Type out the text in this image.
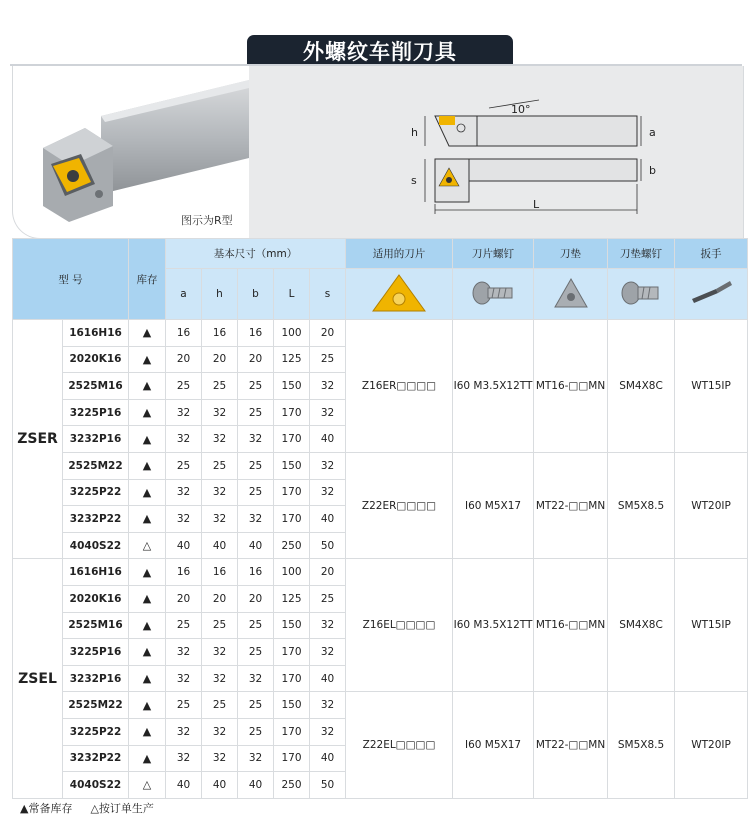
外螺纹车削刀具
图示为R型
10°
h	a
s
b
L
型 号		库存	基本尺寸（mm）					适用的刀片	刀片螺钉	刀垫	刀垫螺钉	扳手
			a	h	b	L	s					
ZSER	1616H16	▲	16	16	16	100	20	Z16ER□□□□	I60 M3.5X12TT	MT16-□□MN	SM4X8C	WT15IP
	2020K16	▲	20	20	20	125	25					
	2525M16	▲	25	25	25	150	32					
	3225P16	▲	32	32	25	170	32					
	3232P16	▲	32	32	32	170	40					
	2525M22	▲	25	25	25	150	32	Z22ER□□□□	I60 M5X17	MT22-□□MN	SM5X8.5	WT20IP
	3225P22	▲	32	32	25	170	32					
	3232P22	▲	32	32	32	170	40					
	4040S22	△	40	40	40	250	50					
ZSEL	1616H16	▲	16	16	16	100	20	Z16EL□□□□	I60 M3.5X12TT	MT16-□□MN	SM4X8C	WT15IP
	2020K16	▲	20	20	20	125	25					
	2525M16	▲	25	25	25	150	32					
	3225P16	▲	32	32	25	170	32					
	3232P16	▲	32	32	32	170	40					
	2525M22	▲	25	25	25	150	32	Z22EL□□□□	I60 M5X17	MT22-□□MN	SM5X8.5	WT20IP
	3225P22	▲	32	32	25	170	32					
	3232P22	▲	32	32	32	170	40					
	4040S22	△	40	40	40	250	50					
▲常备库存 △按订单生产
